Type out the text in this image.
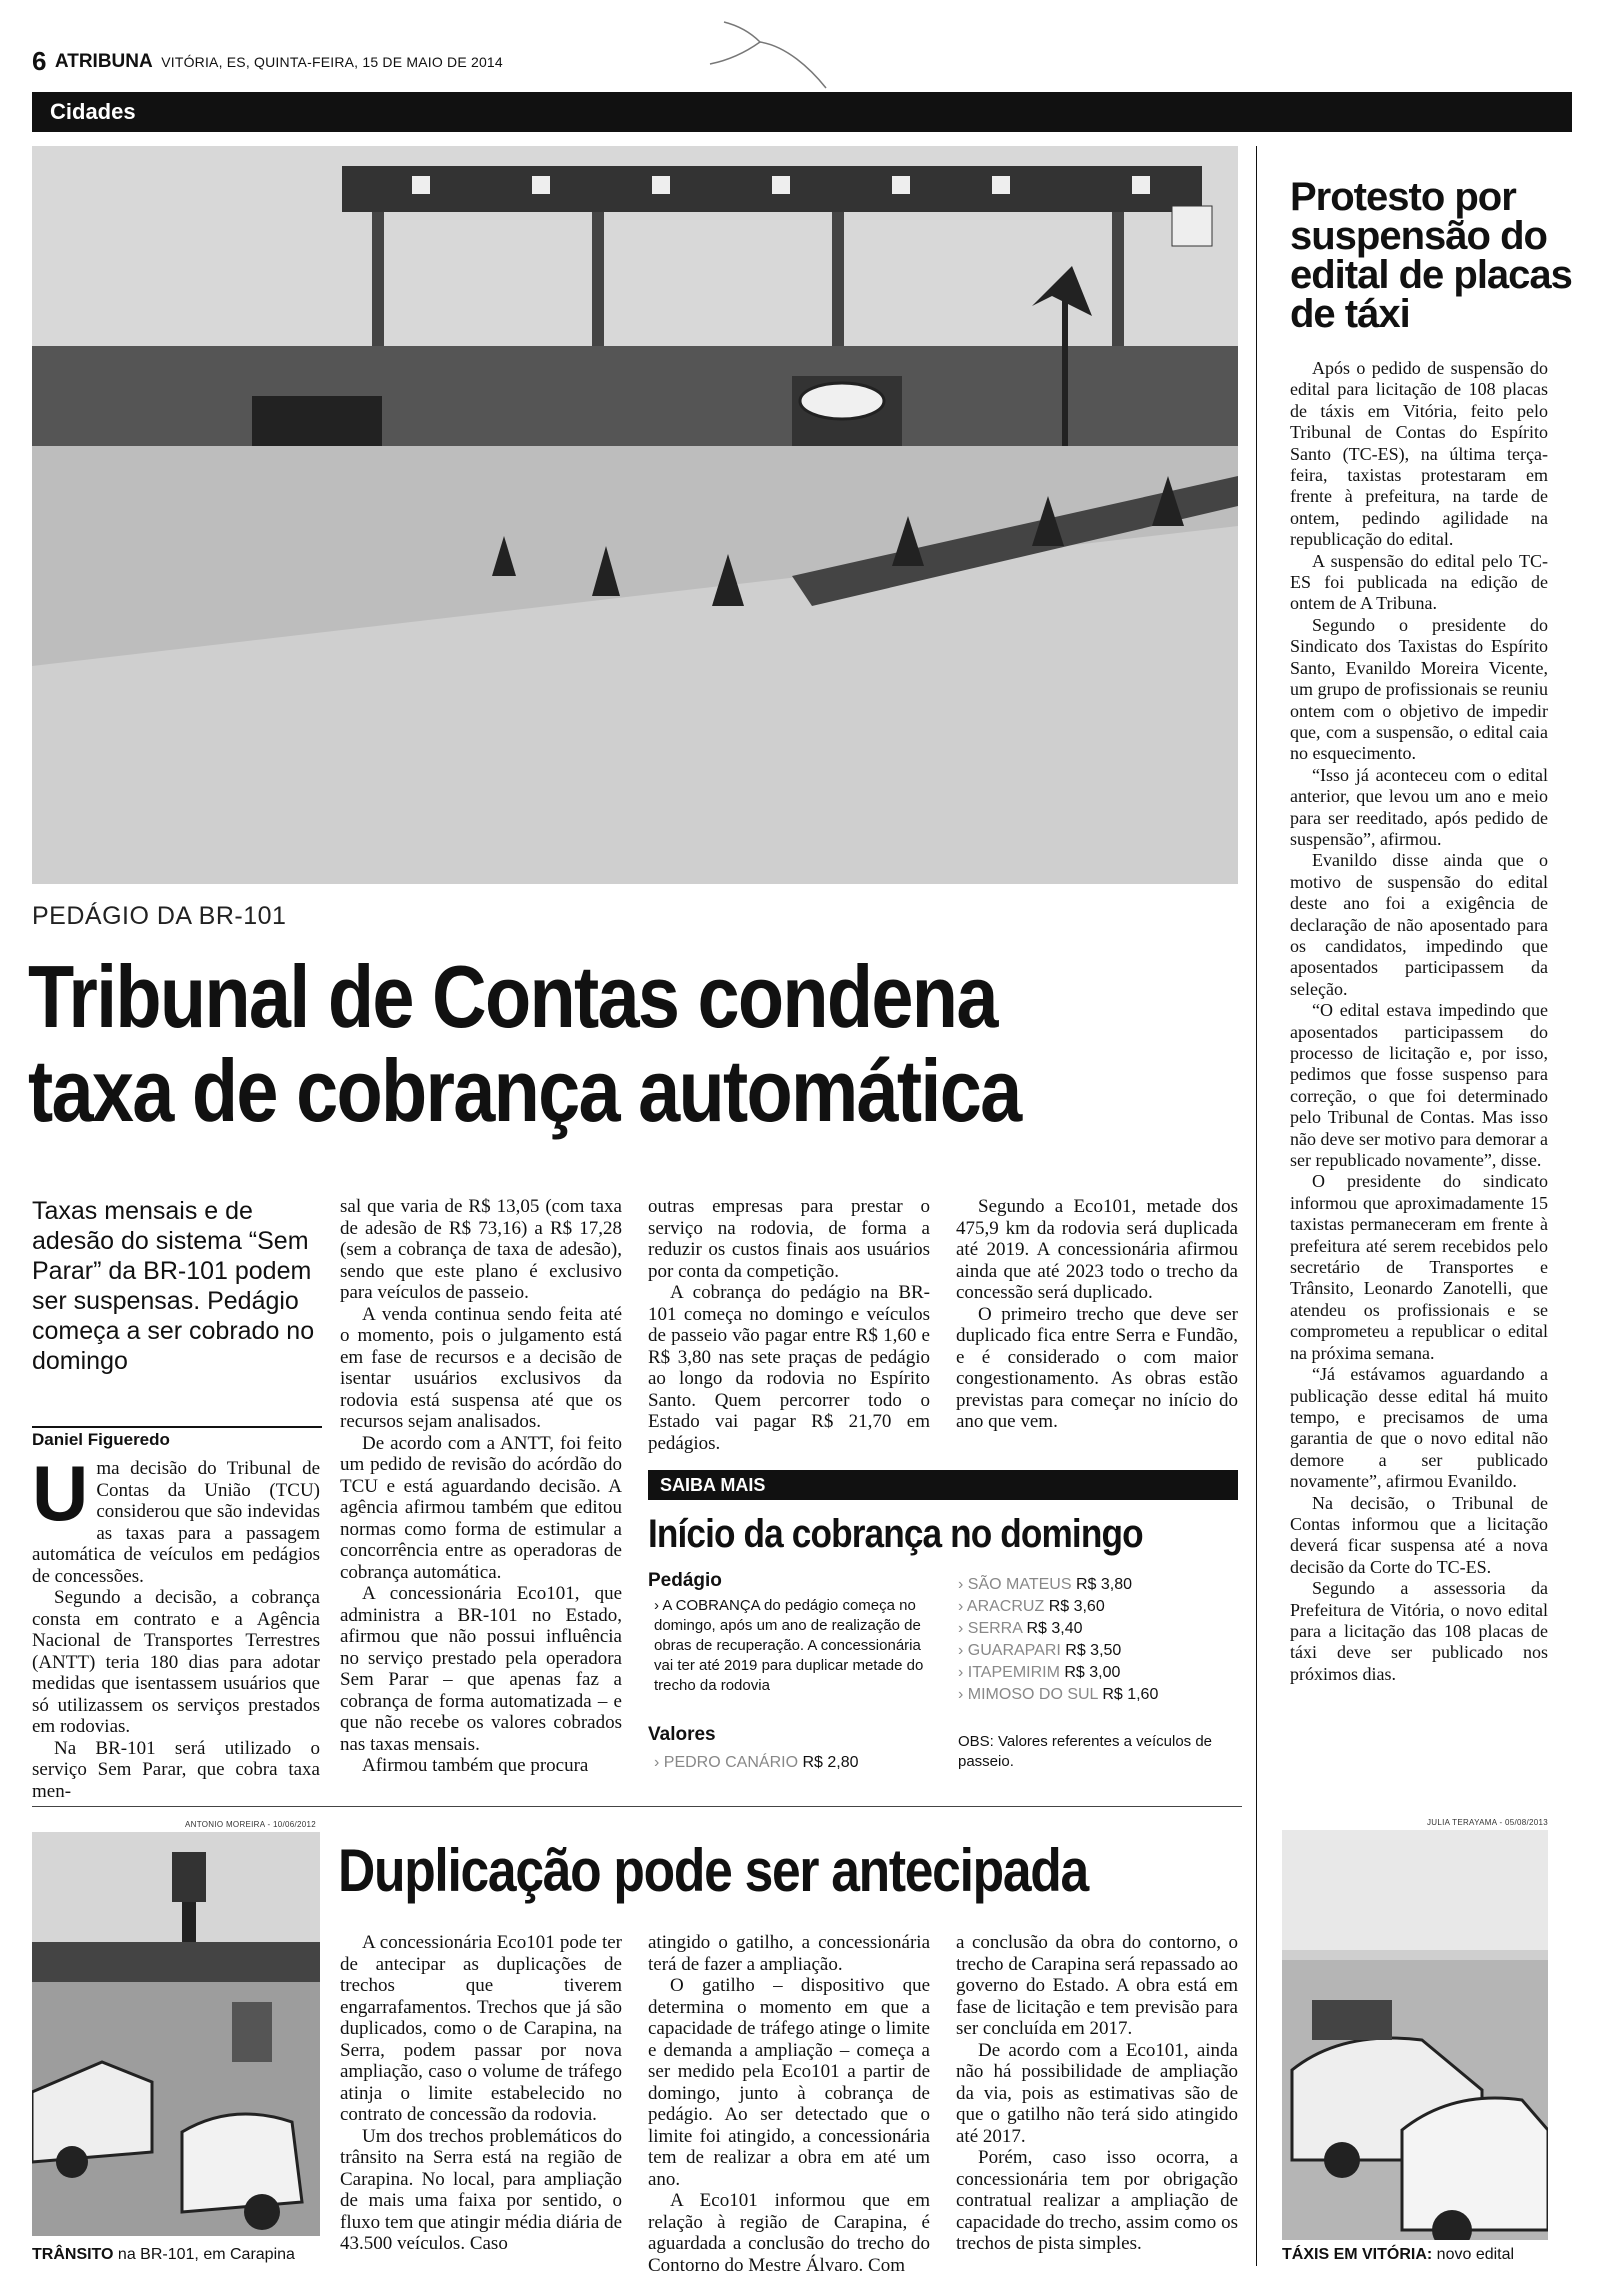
6 ATRIBUNA VITÓRIA, ES, QUINTA-FEIRA, 15 DE MAIO DE 2014
Cidades
PEDÁGIO DA BR-101
Tribunal de Contas condena
taxa de cobrança automática
Taxas mensais e de adesão do sistema “Sem Parar” da BR-101 podem ser suspensas. Pedágio começa a ser cobrado no domingo
Daniel Figueredo

Uma decisão do Tribunal de Contas da União (TCU) considerou que são indevidas as taxas para a passagem automática de veículos em pedágios de concessões.

Segundo a decisão, a cobrança consta em contrato e a Agência Nacional de Transportes Terrestres (ANTT) teria 180 dias para adotar medidas que isentassem usuários que só utilizassem os serviços prestados em rodovias.

Na BR-101 será utilizado o serviço Sem Parar, que cobra taxa men-

sal que varia de R$ 13,05 (com taxa de adesão de R$ 73,16) a R$ 17,28 (sem a cobrança de taxa de adesão), sendo que este plano é exclusivo para veículos de passeio.

A venda continua sendo feita até o momento, pois o julgamento está em fase de recursos e a decisão de isentar usuários exclusivos da rodovia está suspensa até que os recursos sejam analisados.

De acordo com a ANTT, foi feito um pedido de revisão do acórdão do TCU e está aguardando decisão. A agência afirmou também que editou normas como forma de estimular a concorrência entre as operadoras de cobrança automática.

A concessionária Eco101, que administra a BR-101 no Estado, afirmou que não possui influência no serviço prestado pela operadora Sem Parar – que apenas faz a cobrança de forma automatizada – e que não recebe os valores cobrados nas taxas mensais.

Afirmou também que procura

outras empresas para prestar o serviço na rodovia, de forma a reduzir os custos finais aos usuários por conta da competição.

A cobrança do pedágio na BR-101 começa no domingo e veículos de passeio vão pagar entre R$ 1,60 e R$ 3,80 nas sete praças de pedágio ao longo da rodovia no Espírito Santo. Quem percorrer todo o Estado vai pagar R$ 21,70 em pedágios.

Segundo a Eco101, metade dos 475,9 km da rodovia será duplicada até 2019. A concessionária afirmou ainda que até 2023 todo o trecho da concessão será duplicado.

O primeiro trecho que deve ser duplicado fica entre Serra e Fundão, e é considerado o com maior congestionamento. As obras estão previstas para começar no início do ano que vem.

SAIBA MAIS
Início da cobrança no domingo
Pedágio
› A COBRANÇA do pedágio começa no domingo, após um ano de realização de obras de recuperação. A concessionária vai ter até 2019 para duplicar metade do trecho da rodovia
› SÃO MATEUS R$ 3,80
› ARACRUZ R$ 3,60
› SERRA R$ 3,40
› GUARAPARI R$ 3,50
› ITAPEMIRIM R$ 3,00
› MIMOSO DO SUL R$ 1,60
Valores
› PEDRO CANÁRIO R$ 2,80
OBS: Valores referentes a veículos de passeio.
Protesto por suspensão do edital de placas de táxi

Após o pedido de suspensão do edital para licitação de 108 placas de táxis em Vitória, feito pelo Tribunal de Contas do Espírito Santo (TC-ES), na última terça-feira, taxistas protestaram em frente à prefeitura, na tarde de ontem, pedindo agilidade na republicação do edital.

A suspensão do edital pelo TC-ES foi publicada na edição de ontem de A Tribuna.

Segundo o presidente do Sindicato dos Taxistas do Espírito Santo, Evanildo Moreira Vicente, um grupo de profissionais se reuniu ontem com o objetivo de impedir que, com a suspensão, o edital caia no esquecimento.

“Isso já aconteceu com o edital anterior, que levou um ano e meio para ser reeditado, após pedido de suspensão”, afirmou.

Evanildo disse ainda que o motivo de suspensão do edital deste ano foi a exigência de declaração de não aposentado para os candidatos, impedindo que aposentados participassem da seleção.

“O edital estava impedindo que aposentados participassem do processo de licitação e, por isso, pedimos que fosse suspenso para correção, o que foi determinado pelo Tribunal de Contas. Mas isso não deve ser motivo para demorar a ser republicado novamente”, disse.

O presidente do sindicato informou que aproximadamente 15 taxistas permaneceram em frente à prefeitura até serem recebidos pelo secretário de Transportes e Trânsito, Leonardo Zanotelli, que atendeu os profissionais e se comprometeu a republicar o edital na próxima semana.

“Já estávamos aguardando a publicação desse edital há muito tempo, e precisamos de uma garantia de que o novo edital não demore a ser publicado novamente”, afirmou Evanildo.

Na decisão, o Tribunal de Contas informou que a licitação deverá ficar suspensa até a nova decisão da Corte do TC-ES.

Segundo a assessoria da Prefeitura de Vitória, o novo edital para a licitação das 108 placas de táxi deve ser publicado nos próximos dias.

JULIA TERAYAMA - 05/08/2013
TÁXIS EM VITÓRIA: novo edital
ANTONIO MOREIRA - 10/06/2012
TRÂNSITO na BR-101, em Carapina
Duplicação pode ser antecipada

A concessionária Eco101 pode ter de antecipar as duplicações de trechos que tiverem engarrafamentos. Trechos que já são duplicados, como o de Carapina, na Serra, podem passar por nova ampliação, caso o volume de tráfego atinja o limite estabelecido no contrato de concessão da rodovia.

Um dos trechos problemáticos do trânsito na Serra está na região de Carapina. No local, para ampliação de mais uma faixa por sentido, o fluxo tem que atingir média diária de 43.500 veículos. Caso

atingido o gatilho, a concessionária terá de fazer a ampliação.

O gatilho – dispositivo que determina o momento em que a capacidade de tráfego atinge o limite e demanda a ampliação – começa a ser medido pela Eco101 a partir de domingo, junto à cobrança de pedágio. Ao ser detectado que o limite foi atingido, a concessionária tem de realizar a obra em até um ano.

A Eco101 informou que em relação à região de Carapina, é aguardada a conclusão do trecho do Contorno do Mestre Álvaro. Com

a conclusão da obra do contorno, o trecho de Carapina será repassado ao governo do Estado. A obra está em fase de licitação e tem previsão para ser concluída em 2017.

De acordo com a Eco101, ainda não há possibilidade de ampliação da via, pois as estimativas são de que o gatilho não terá sido atingido até 2017.

Porém, caso isso ocorra, a concessionária tem por obrigação contratual realizar a ampliação de capacidade do trecho, assim como os trechos de pista simples.
